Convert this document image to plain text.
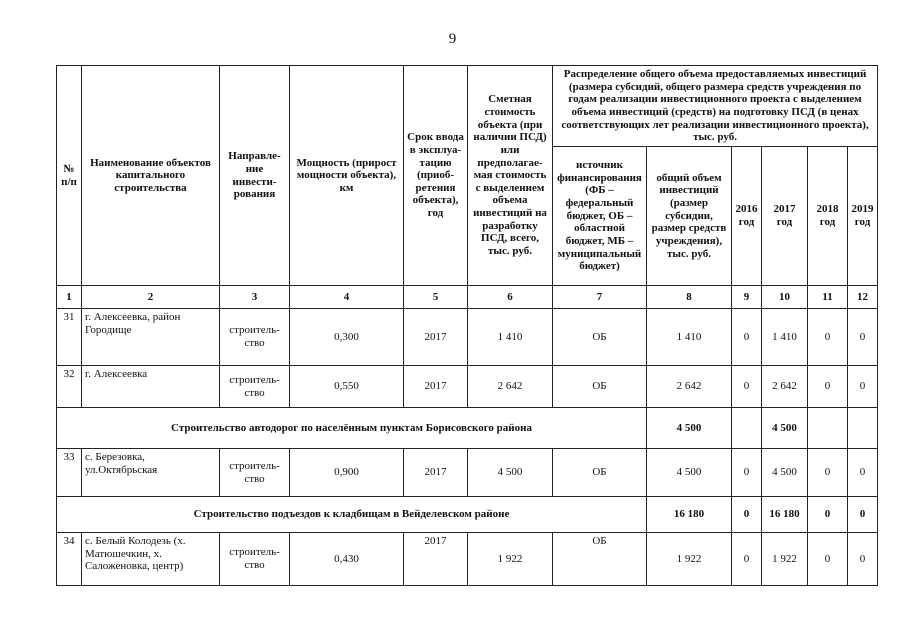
9
№ п/п	Наименование объектов капитального строительства	Направле-ние инвести-рования	Мощность (прирост мощности объекта), км	Срок ввода в эксплуа-тацию (приоб-ретения объекта), год	Сметная стоимость объекта (при наличии ПСД) или предполагае-мая стоимость с выделением объема инвестиций на разработку ПСД, всего, тыс. руб.	Распределение общего объема предоставляемых инвестиций (размера субсидий, общего размера средств учреждения по годам реализации инвестиционного проекта с выделением объема инвестиций (средств) на подготовку ПСД (в ценах соответствующих лет реализации инвестиционного проекта), тыс. руб.					
						источник финансирования (ФБ – федеральный бюджет, ОБ – областной бюджет, МБ – муниципальный бюджет)	общий объем инвестиций (размер субсидии, размер средств учреждения), тыс. руб.	2016 год	2017 год	2018 год	2019 год
1	2	3	4	5	6	7	8	9	10	11	12
31	г. Алексеевка, район Городище	строитель-ство	0,300	2017	1 410	ОБ	1 410	0	1 410	0	0
32	г. Алексеевка	строитель-ство	0,550	2017	2 642	ОБ	2 642	0	2 642	0	0
Строительство автодорог по населённым пунктам Борисовского района							4 500		4 500		
33	с. Березовка, ул.Октябрьская	строитель-ство	0,900	2017	4 500	ОБ	4 500	0	4 500	0	0
Строительство подъездов к кладбищам в Вейделевском районе							16 180	0	16 180	0	0
34	с. Белый Колодезь (х. Матюшечкин, х. Саложеновка, центр)	строитель-ство	0,430	2017	1 922	ОБ	1 922	0	1 922	0	0
